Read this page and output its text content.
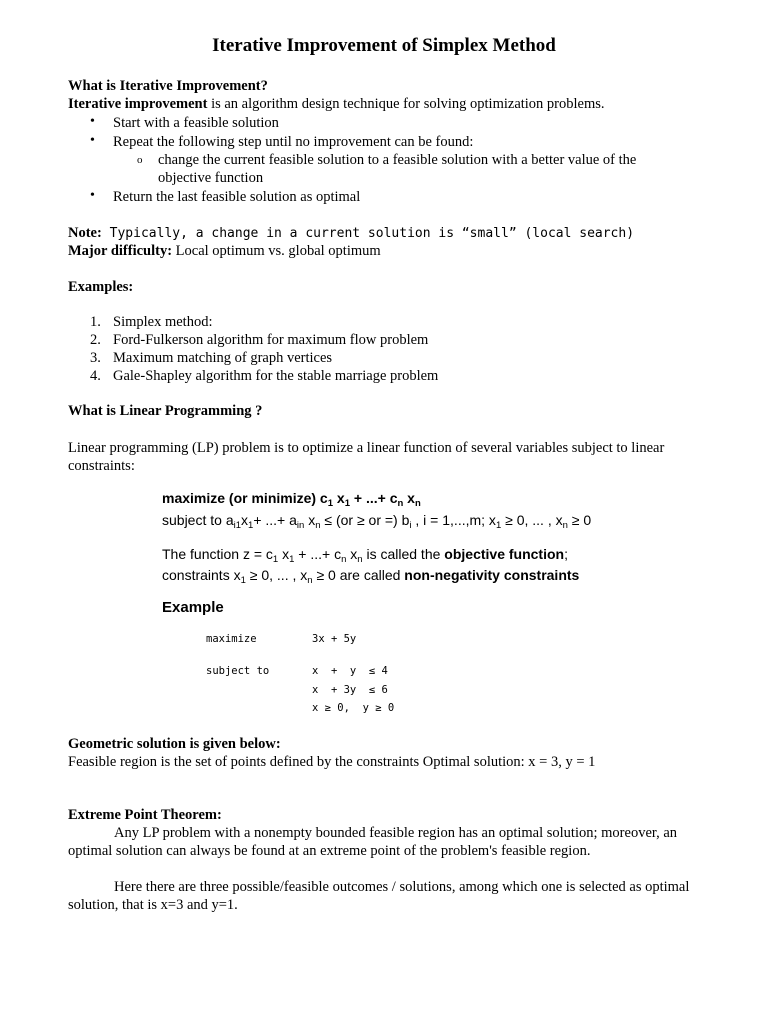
Iterative Improvement of Simplex Method
What is Iterative Improvement?
Iterative improvement is an algorithm design technique for solving optimization problems.
• Start with a feasible solution
• Repeat the following step until no improvement can be found:
o change the current feasible solution to a feasible solution with a better value of the
objective function
• Return the last feasible solution as optimal
Note: Typically, a change in a current solution is “small” (local search)
Major difficulty: Local optimum vs. global optimum
Examples:
1. Simplex method:
2. Ford-Fulkerson algorithm for maximum flow problem
3. Maximum matching of graph vertices
4. Gale-Shapley algorithm for the stable marriage problem
What is Linear Programming ?
Linear programming (LP) problem is to optimize a linear function of several variables subject to linear
constraints:
maximize (or minimize) $c_1$ $x_1$ + ...+ $c_n$ $x_n$
subject to $a_{i1}x_1+$ ...+ $a_{in}$ $x_n \le (or$ ≥ or =) $b_i$ , i = 1,...,m; $x_1 \ge 0$, ... , $x_n \ge 0$
The function $z = c_1$ $x_1$ + ...+ $c_n$ $x_n$ is called the objective function;
constraints $x_1 \ge 0$, ... , $x_n \ge 0$ are called non-negativity constraints
Example
maximize	3x + 5y
subject to	x  +  y  ≤ 4
x  + 3y  ≤ 6
x ≥ 0,  y ≥ 0
Geometric solution is given below:
Feasible region is the set of points defined by the constraints Optimal solution: x = 3, y = 1
Extreme Point Theorem:
Any LP problem with a nonempty bounded feasible region has an optimal solution; moreover, an
optimal solution can always be found at an extreme point of the problem's feasible region.
Here there are three possible/feasible outcomes / solutions, among which one is selected as optimal
solution, that is x=3 and y=1.
